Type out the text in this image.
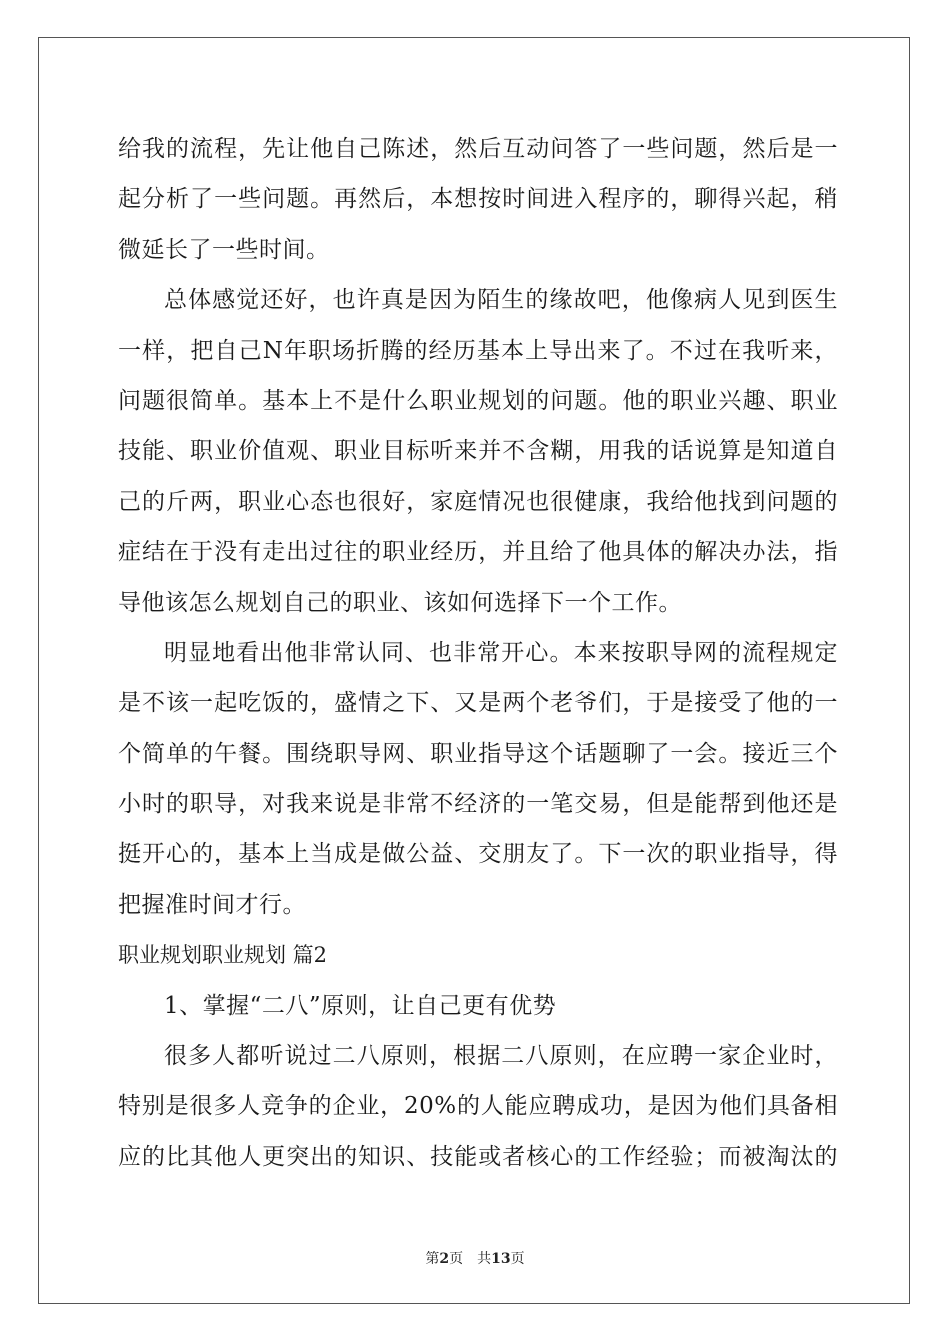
给我的流程，先让他自己陈述，然后互动问答了一些问题，然后是一
起分析了一些问题。再然后，本想按时间进入程序的，聊得兴起，稍
微延长了一些时间。
总体感觉还好，也许真是因为陌生的缘故吧，他像病人见到医生
一样，把自己N年职场折腾的经历基本上导出来了。不过在我听来，
问题很简单。基本上不是什么职业规划的问题。他的职业兴趣、职业
技能、职业价值观、职业目标听来并不含糊，用我的话说算是知道自
己的斤两，职业心态也很好，家庭情况也很健康，我给他找到问题的
症结在于没有走出过往的职业经历，并且给了他具体的解决办法，指
导他该怎么规划自己的职业、该如何选择下一个工作。
明显地看出他非常认同、也非常开心。本来按职导网的流程规定
是不该一起吃饭的，盛情之下、又是两个老爷们，于是接受了他的一
个简单的午餐。围绕职导网、职业指导这个话题聊了一会。接近三个
小时的职导，对我来说是非常不经济的一笔交易，但是能帮到他还是
挺开心的，基本上当成是做公益、交朋友了。下一次的职业指导，得
把握准时间才行。
职业规划职业规划 篇2
1、掌握“二八”原则，让自己更有优势
很多人都听说过二八原则，根据二八原则，在应聘一家企业时，
特别是很多人竞争的企业，20%的人能应聘成功，是因为他们具备相
应的比其他人更突出的知识、技能或者核心的工作经验；而被淘汰的
第2页 共13页
